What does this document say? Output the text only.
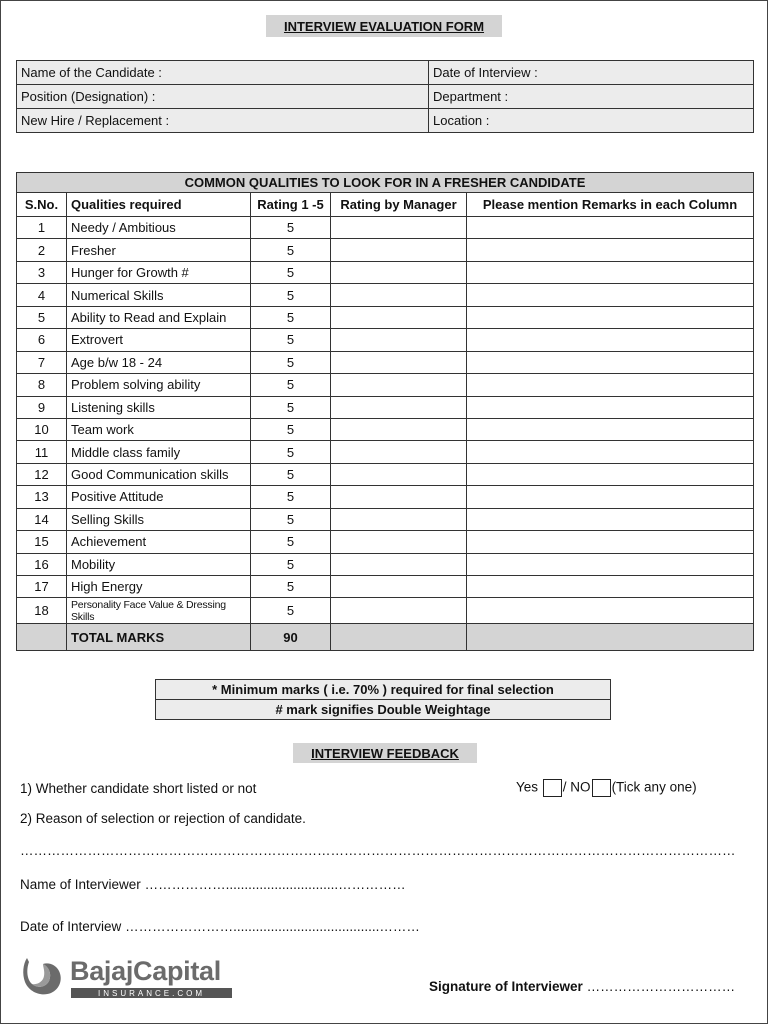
INTERVIEW EVALUATION FORM
Name of the Candidate :	Date of Interview :
Position (Designation) :	Department :
New Hire / Replacement :	Location :
COMMON QUALITIES TO LOOK FOR IN A FRESHER CANDIDATE				
S.No.	Qualities required	Rating 1 -5	Rating by Manager	Please mention Remarks in each Column
1	Needy / Ambitious	5		
2	Fresher	5		
3	Hunger for Growth #	5		
4	Numerical Skills	5		
5	Ability to Read and Explain	5		
6	Extrovert	5		
7	Age b/w 18 - 24	5		
8	Problem solving ability	5		
9	Listening skills	5		
10	Team work	5		
11	Middle class family	5		
12	Good Communication skills	5		
13	Positive Attitude	5		
14	Selling Skills	5		
15	Achievement	5		
16	Mobility	5		
17	High Energy	5		
18	Personality Face Value & Dressing Skills	5		
	TOTAL MARKS	90		
* Minimum marks ( i.e. 70% ) required for final selection
# mark signifies Double Weightage
INTERVIEW FEEDBACK
1) Whether candidate short listed or not	Yes / NO (Tick any one)
2) Reason of selection or rejection of candidate.
……………………………………………………………………………………………………………………………………………
Name of Interviewer ………………..............................……………
Date of Interview …………………….......................................………
BajajCapital
INSURANCE.COM	Signature of Interviewer ……………………………
